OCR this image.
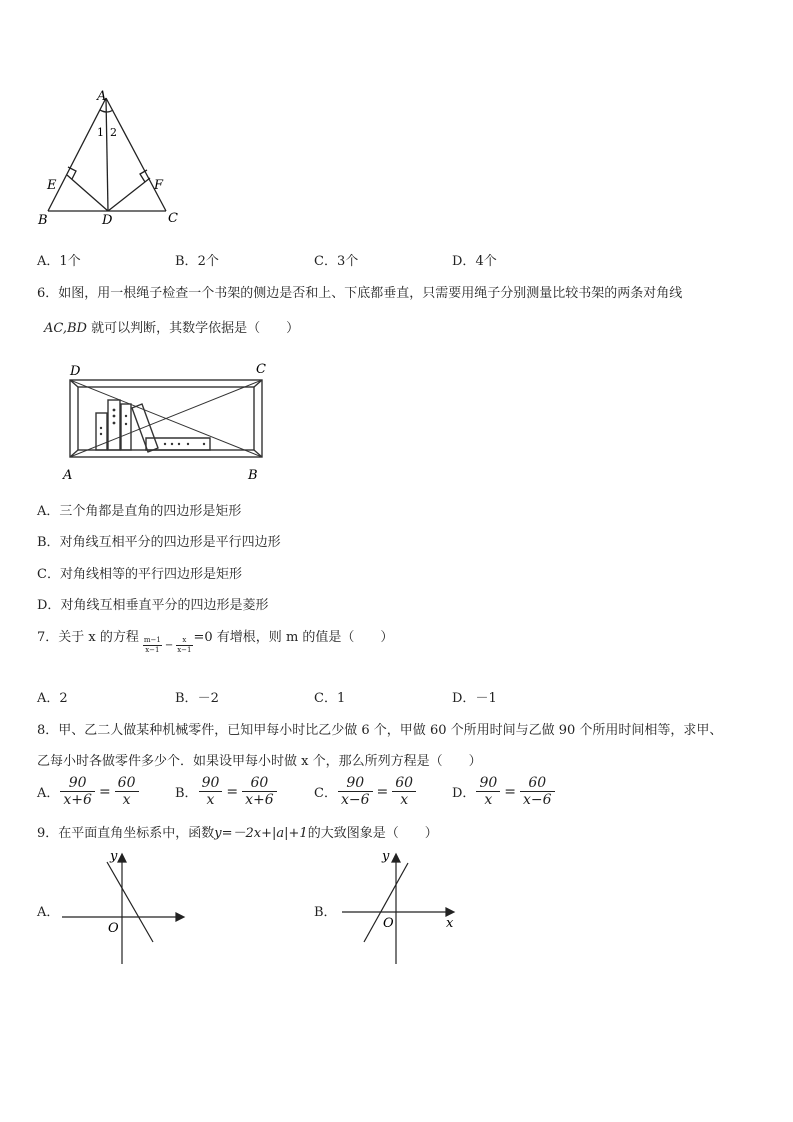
A
B	C
D
E	F
1 2
A．1个	B．2个	C．3个	D．4个
6．如图，用一根绳子检查一个书架的侧边是否和上、下底都垂直，只需要用绳子分别测量比较书架的两条对角线
AC,BD 就可以判断，其数学依据是（　　）
D	C
A	B
A．三个角都是直角的四边形是矩形
B．对角线互相平分的四边形是平行四边形
C．对角线相等的平行四边形是矩形
D．对角线互相垂直平分的四边形是菱形
7．关于 x 的方程 $\frac{m-1}{x-1} - \frac{x}{x-1} =0$ 有增根，则 m 的值是（　　）
A．2	B．－2	C．1	D．－1
8．甲、乙二人做某种机械零件，已知甲每小时比乙少做 6 个，甲做 60 个所用时间与乙做 90 个所用时间相等，求甲、
乙每小时各做零件多少个．如果设甲每小时做 x 个，那么所列方程是（　　）
A． $\frac{90}{x+6} = \frac{60}{x}$	B． $\frac{90}{x} = \frac{60}{x+6}$	C． $\frac{90}{x-6} = \frac{60}{x}$	D． $\frac{90}{x} = \frac{60}{x-6}$
9．在平面直角坐标系中，函数y=－2x+|a|+1的大致图象是（　　）
A．
y
O
B．
y
O	x
